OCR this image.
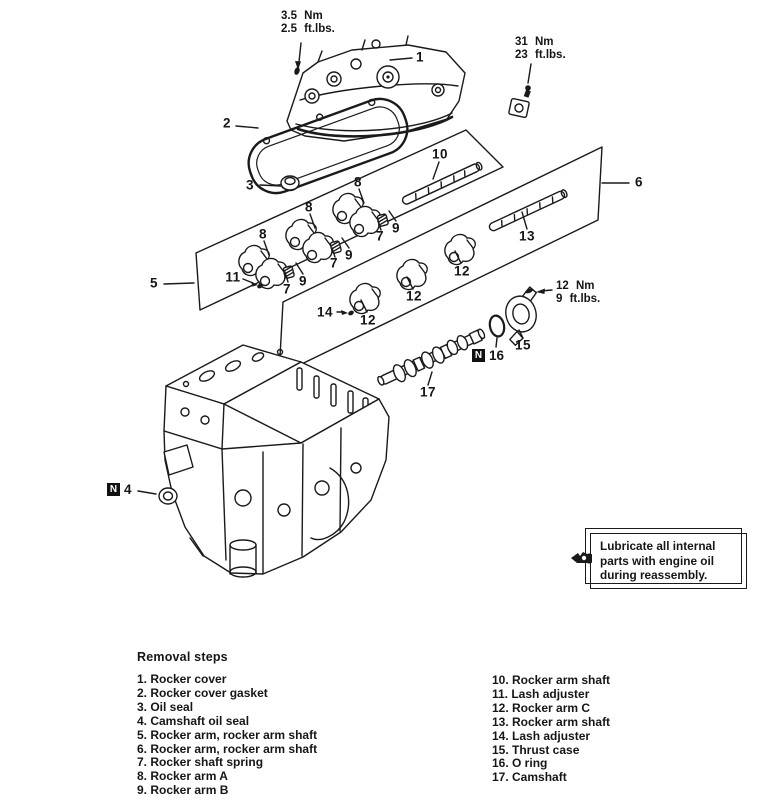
1
2
3
5
6
10
13
8
8
8
7
7
7
9
9
9
11
12
12
12
14
15
17
3.5 Nm
2.5 ft.lbs.
31 Nm
23 ft.lbs.
12 Nm
9 ft.lbs.
N 4
N 16
Lubricate all internal
parts with engine oil
during reassembly.
Removal steps
1. Rocker cover
2. Rocker cover gasket
3. Oil seal
4. Camshaft oil seal
5. Rocker arm, rocker arm shaft
6. Rocker arm, rocker arm shaft
7. Rocker shaft spring
8. Rocker arm A
9. Rocker arm B
10. Rocker arm shaft
11. Lash adjuster
12. Rocker arm C
13. Rocker arm shaft
14. Lash adjuster
15. Thrust case
16. O ring
17. Camshaft
